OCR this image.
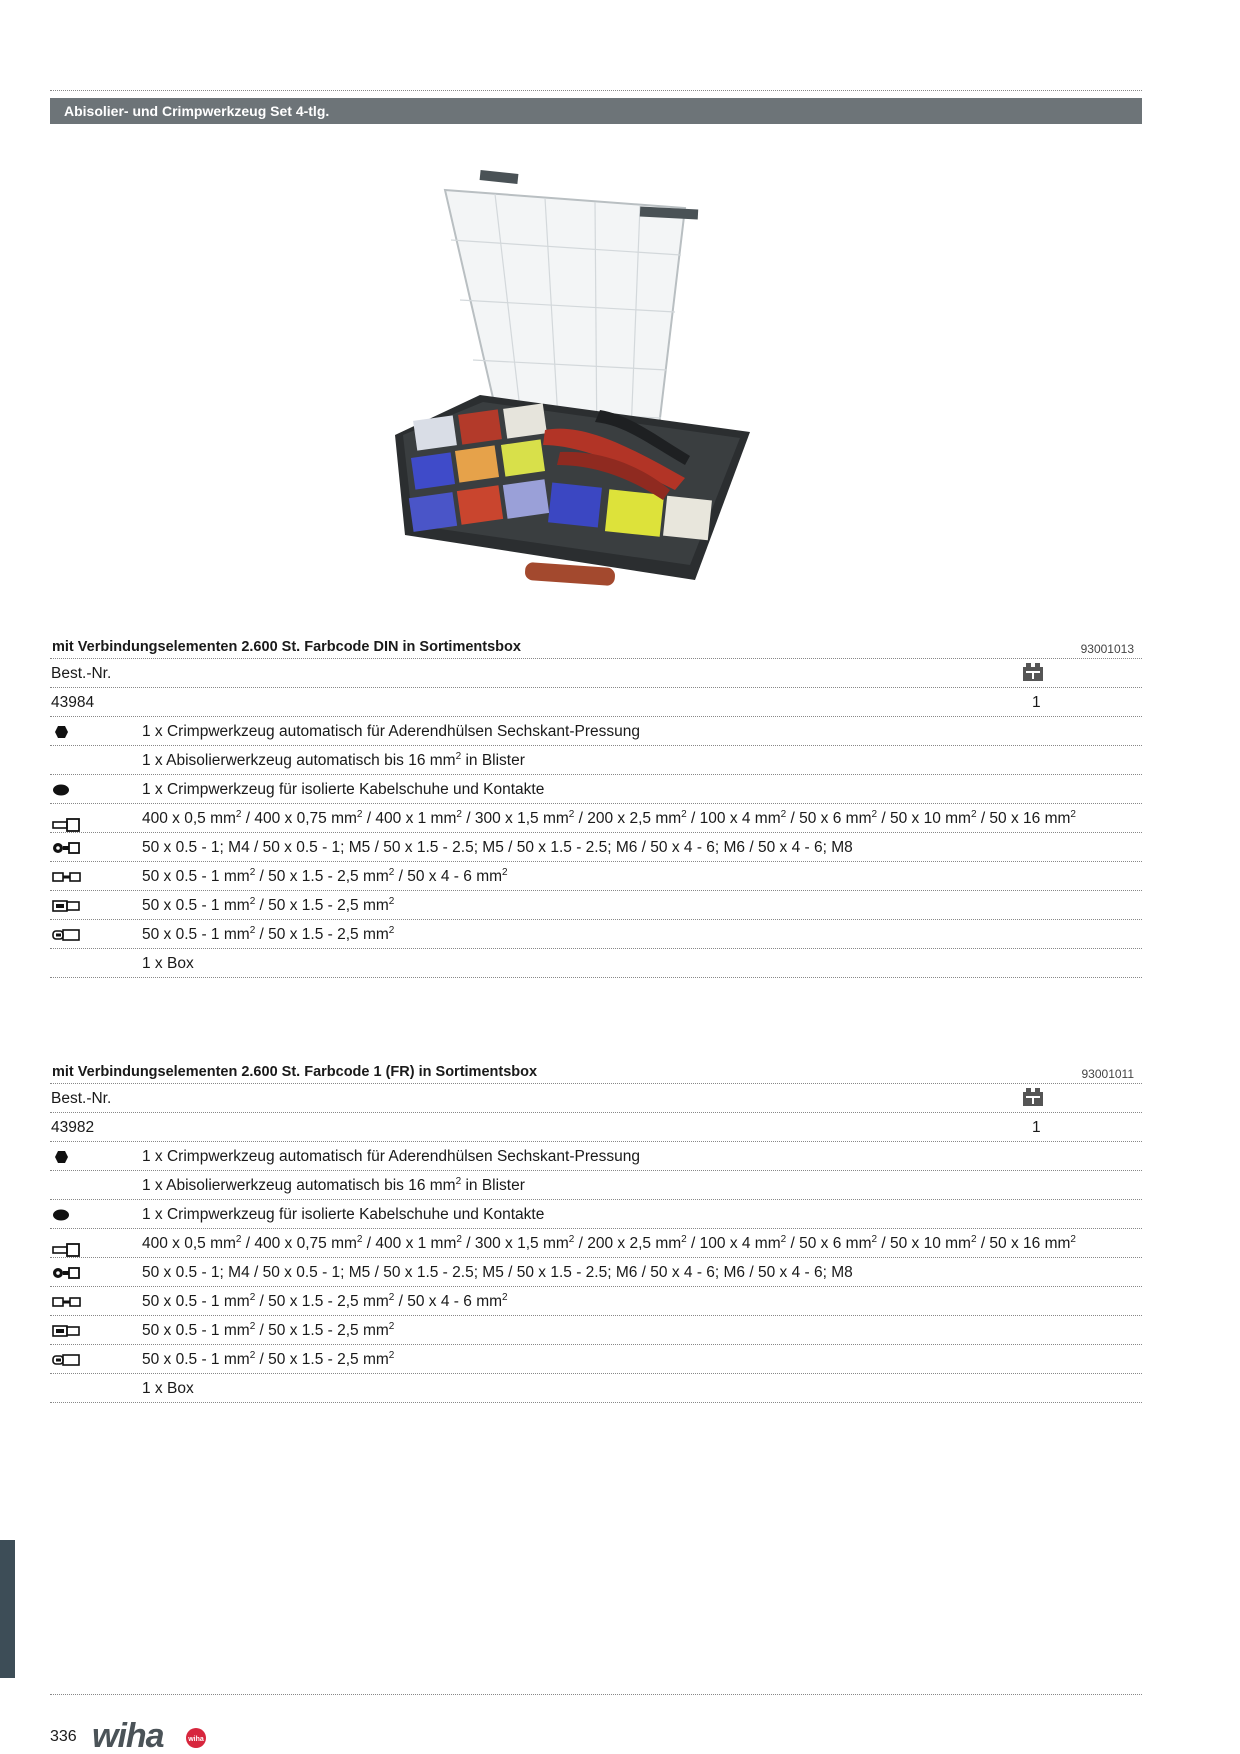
Abisolier- und Crimpwerkzeug Set 4-tlg.
mit Verbindungselementen 2.600 St. Farbcode DIN in Sortimentsbox	93001013
Best.-Nr.
43984	1
1 x Crimpwerkzeug automatisch für Aderendhülsen Sechskant-Pressung
1 x Abisolierwerkzeug automatisch bis 16 $mm^2$ in Blister
1 x Crimpwerkzeug für isolierte Kabelschuhe und Kontakte
400 x 0,5 $mm^2 / 400$ x 0,75 $mm^2 / 400$ x 1 $mm^2 / 300$ x 1,5 $mm^2 / 200$ x 2,5 $mm^2 / 100$ x 4 $mm^2 / 50$ x 6 $mm^2 / 50$ x 10 $mm^2 / 50$ x 16 $mm^2$
50 x 0.5 - 1; M4 / 50 x 0.5 - 1; M5 / 50 x 1.5 - 2.5; M5 / 50 x 1.5 - 2.5; M6 / 50 x 4 - 6; M6 / 50 x 4 - 6; M8
50 x 0.5 - 1 $mm^2 / 50$ x 1.5 - 2,5 $mm^2 / 50$ x 4 - 6 $mm^2$
50 x 0.5 - 1 $mm^2 / 50$ x 1.5 - 2,5 $mm^2$
50 x 0.5 - 1 $mm^2 / 50$ x 1.5 - 2,5 $mm^2$
1 x Box
mit Verbindungselementen 2.600 St. Farbcode 1 (FR) in Sortimentsbox	93001011
Best.-Nr.
43982	1
1 x Crimpwerkzeug automatisch für Aderendhülsen Sechskant-Pressung
1 x Abisolierwerkzeug automatisch bis 16 $mm^2$ in Blister
1 x Crimpwerkzeug für isolierte Kabelschuhe und Kontakte
400 x 0,5 $mm^2 / 400$ x 0,75 $mm^2 / 400$ x 1 $mm^2 / 300$ x 1,5 $mm^2 / 200$ x 2,5 $mm^2 / 100$ x 4 $mm^2 / 50$ x 6 $mm^2 / 50$ x 10 $mm^2 / 50$ x 16 $mm^2$
50 x 0.5 - 1; M4 / 50 x 0.5 - 1; M5 / 50 x 1.5 - 2.5; M5 / 50 x 1.5 - 2.5; M6 / 50 x 4 - 6; M6 / 50 x 4 - 6; M8
50 x 0.5 - 1 $mm^2 / 50$ x 1.5 - 2,5 $mm^2 / 50$ x 4 - 6 $mm^2$
50 x 0.5 - 1 $mm^2 / 50$ x 1.5 - 2,5 $mm^2$
50 x 0.5 - 1 $mm^2 / 50$ x 1.5 - 2,5 $mm^2$
1 x Box
336 wiha	wiha
